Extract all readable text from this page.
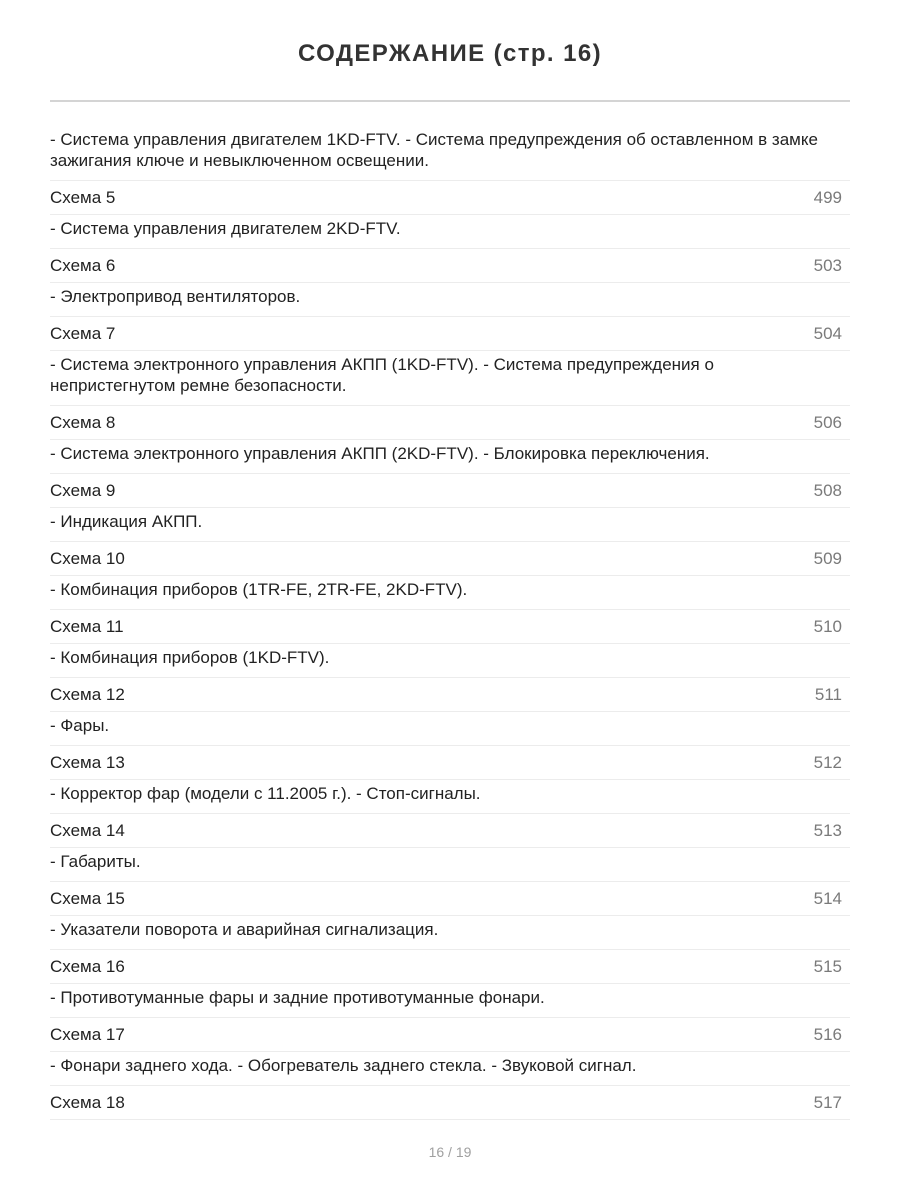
СОДЕРЖАНИЕ (стр. 16)
- Система управления двигателем 1KD-FTV. - Система предупреждения об оставленном в замке зажигания ключе и невыключенном освещении.
Схема 5	499
- Система управления двигателем 2KD-FTV.
Схема 6	503
- Электропривод вентиляторов.
Схема 7	504
- Система электронного управления АКПП (1KD-FTV). - Система предупреждения о непристегнутом ремне безопасности.
Схема 8	506
- Система электронного управления АКПП (2KD-FTV). - Блокировка переключения.
Схема 9	508
- Индикация АКПП.
Схема 10	509
- Комбинация приборов (1TR-FE, 2TR-FE, 2KD-FTV).
Схема 11	510
- Комбинация приборов (1KD-FTV).
Схема 12	511
- Фары.
Схема 13	512
- Корректор фар (модели с 11.2005 г.). - Стоп-сигналы.
Схема 14	513
- Габариты.
Схема 15	514
- Указатели поворота и аварийная сигнализация.
Схема 16	515
- Противотуманные фары и задние противотуманные фонари.
Схема 17	516
- Фонари заднего хода. - Обогреватель заднего стекла. - Звуковой сигнал.
Схема 18	517
16 / 19
